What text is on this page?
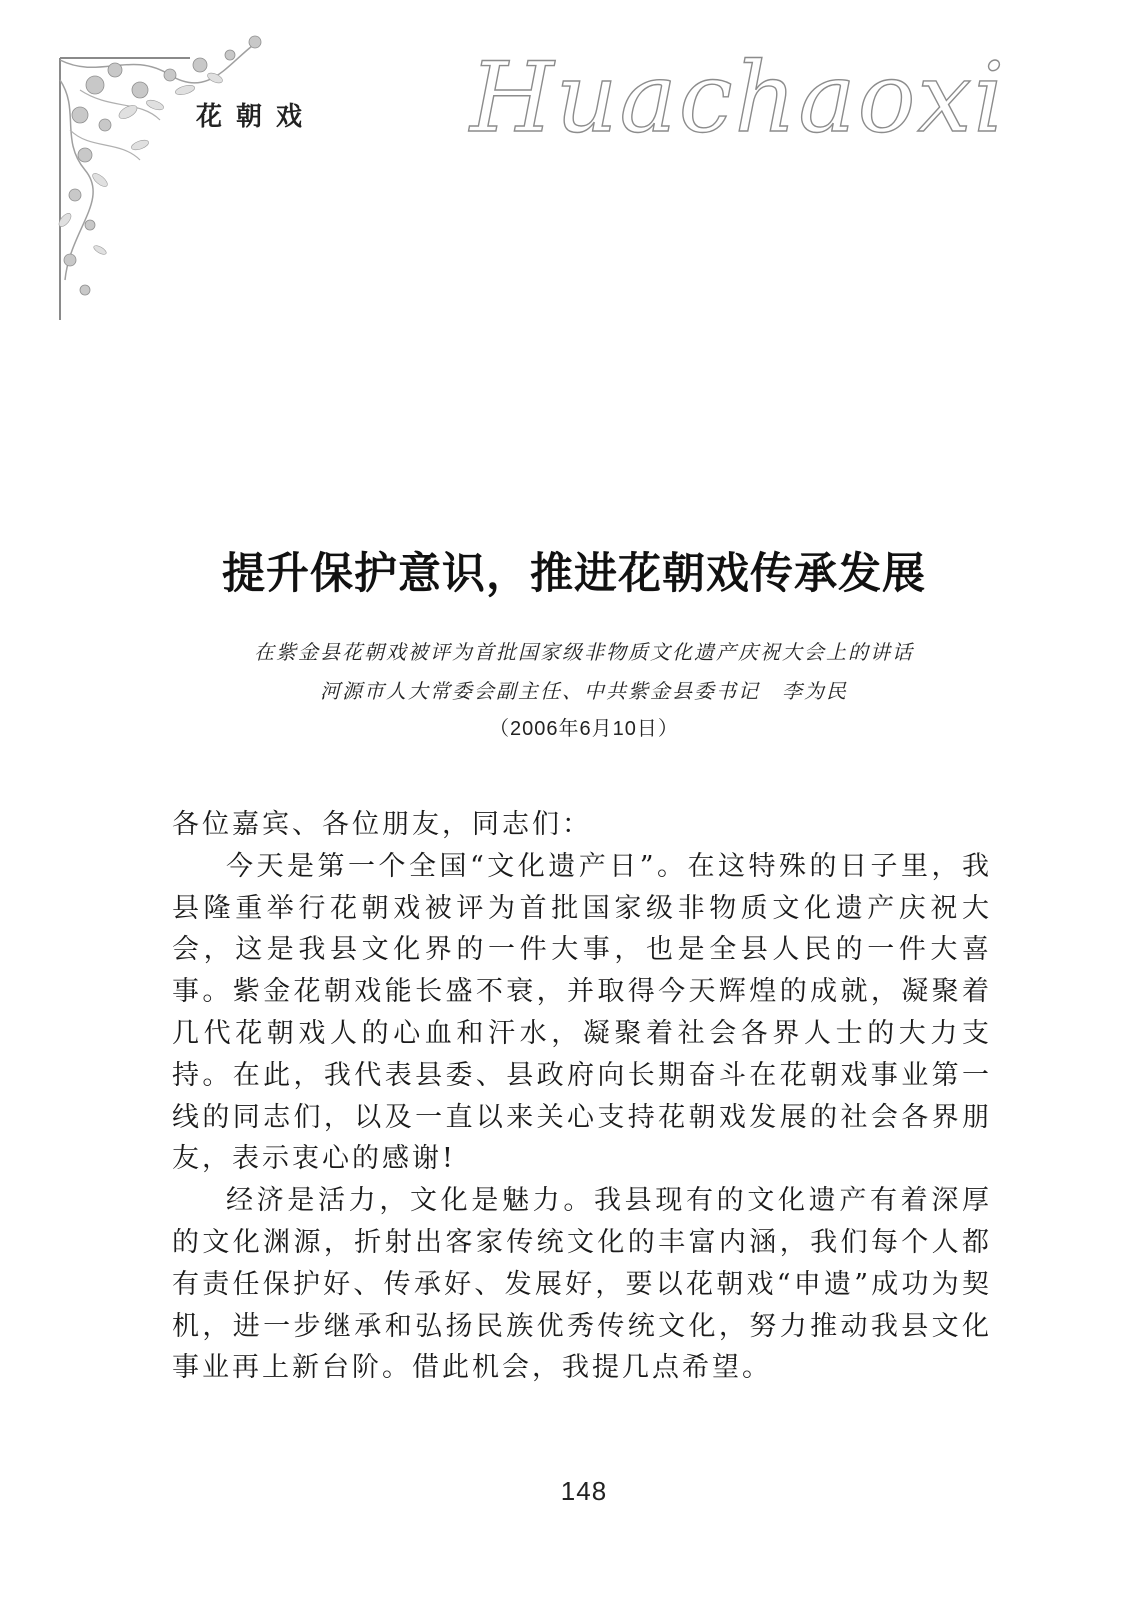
花朝戏 Huachaoxi
提升保护意识，推进花朝戏传承发展
在紫金县花朝戏被评为首批国家级非物质文化遗产庆祝大会上的讲话
河源市人大常委会副主任、中共紫金县委书记　李为民
（2006年6月10日）

各位嘉宾、各位朋友，同志们：

今天是第一个全国“文化遗产日”。在这特殊的日子里，我县隆重举行花朝戏被评为首批国家级非物质文化遗产庆祝大会，这是我县文化界的一件大事，也是全县人民的一件大喜事。紫金花朝戏能长盛不衰，并取得今天辉煌的成就，凝聚着几代花朝戏人的心血和汗水，凝聚着社会各界人士的大力支持。在此，我代表县委、县政府向长期奋斗在花朝戏事业第一线的同志们，以及一直以来关心支持花朝戏发展的社会各界朋友，表示衷心的感谢!

经济是活力，文化是魅力。我县现有的文化遗产有着深厚的文化渊源，折射出客家传统文化的丰富内涵，我们每个人都有责任保护好、传承好、发展好，要以花朝戏“申遗”成功为契机，进一步继承和弘扬民族优秀传统文化，努力推动我县文化事业再上新台阶。借此机会，我提几点希望。

148
